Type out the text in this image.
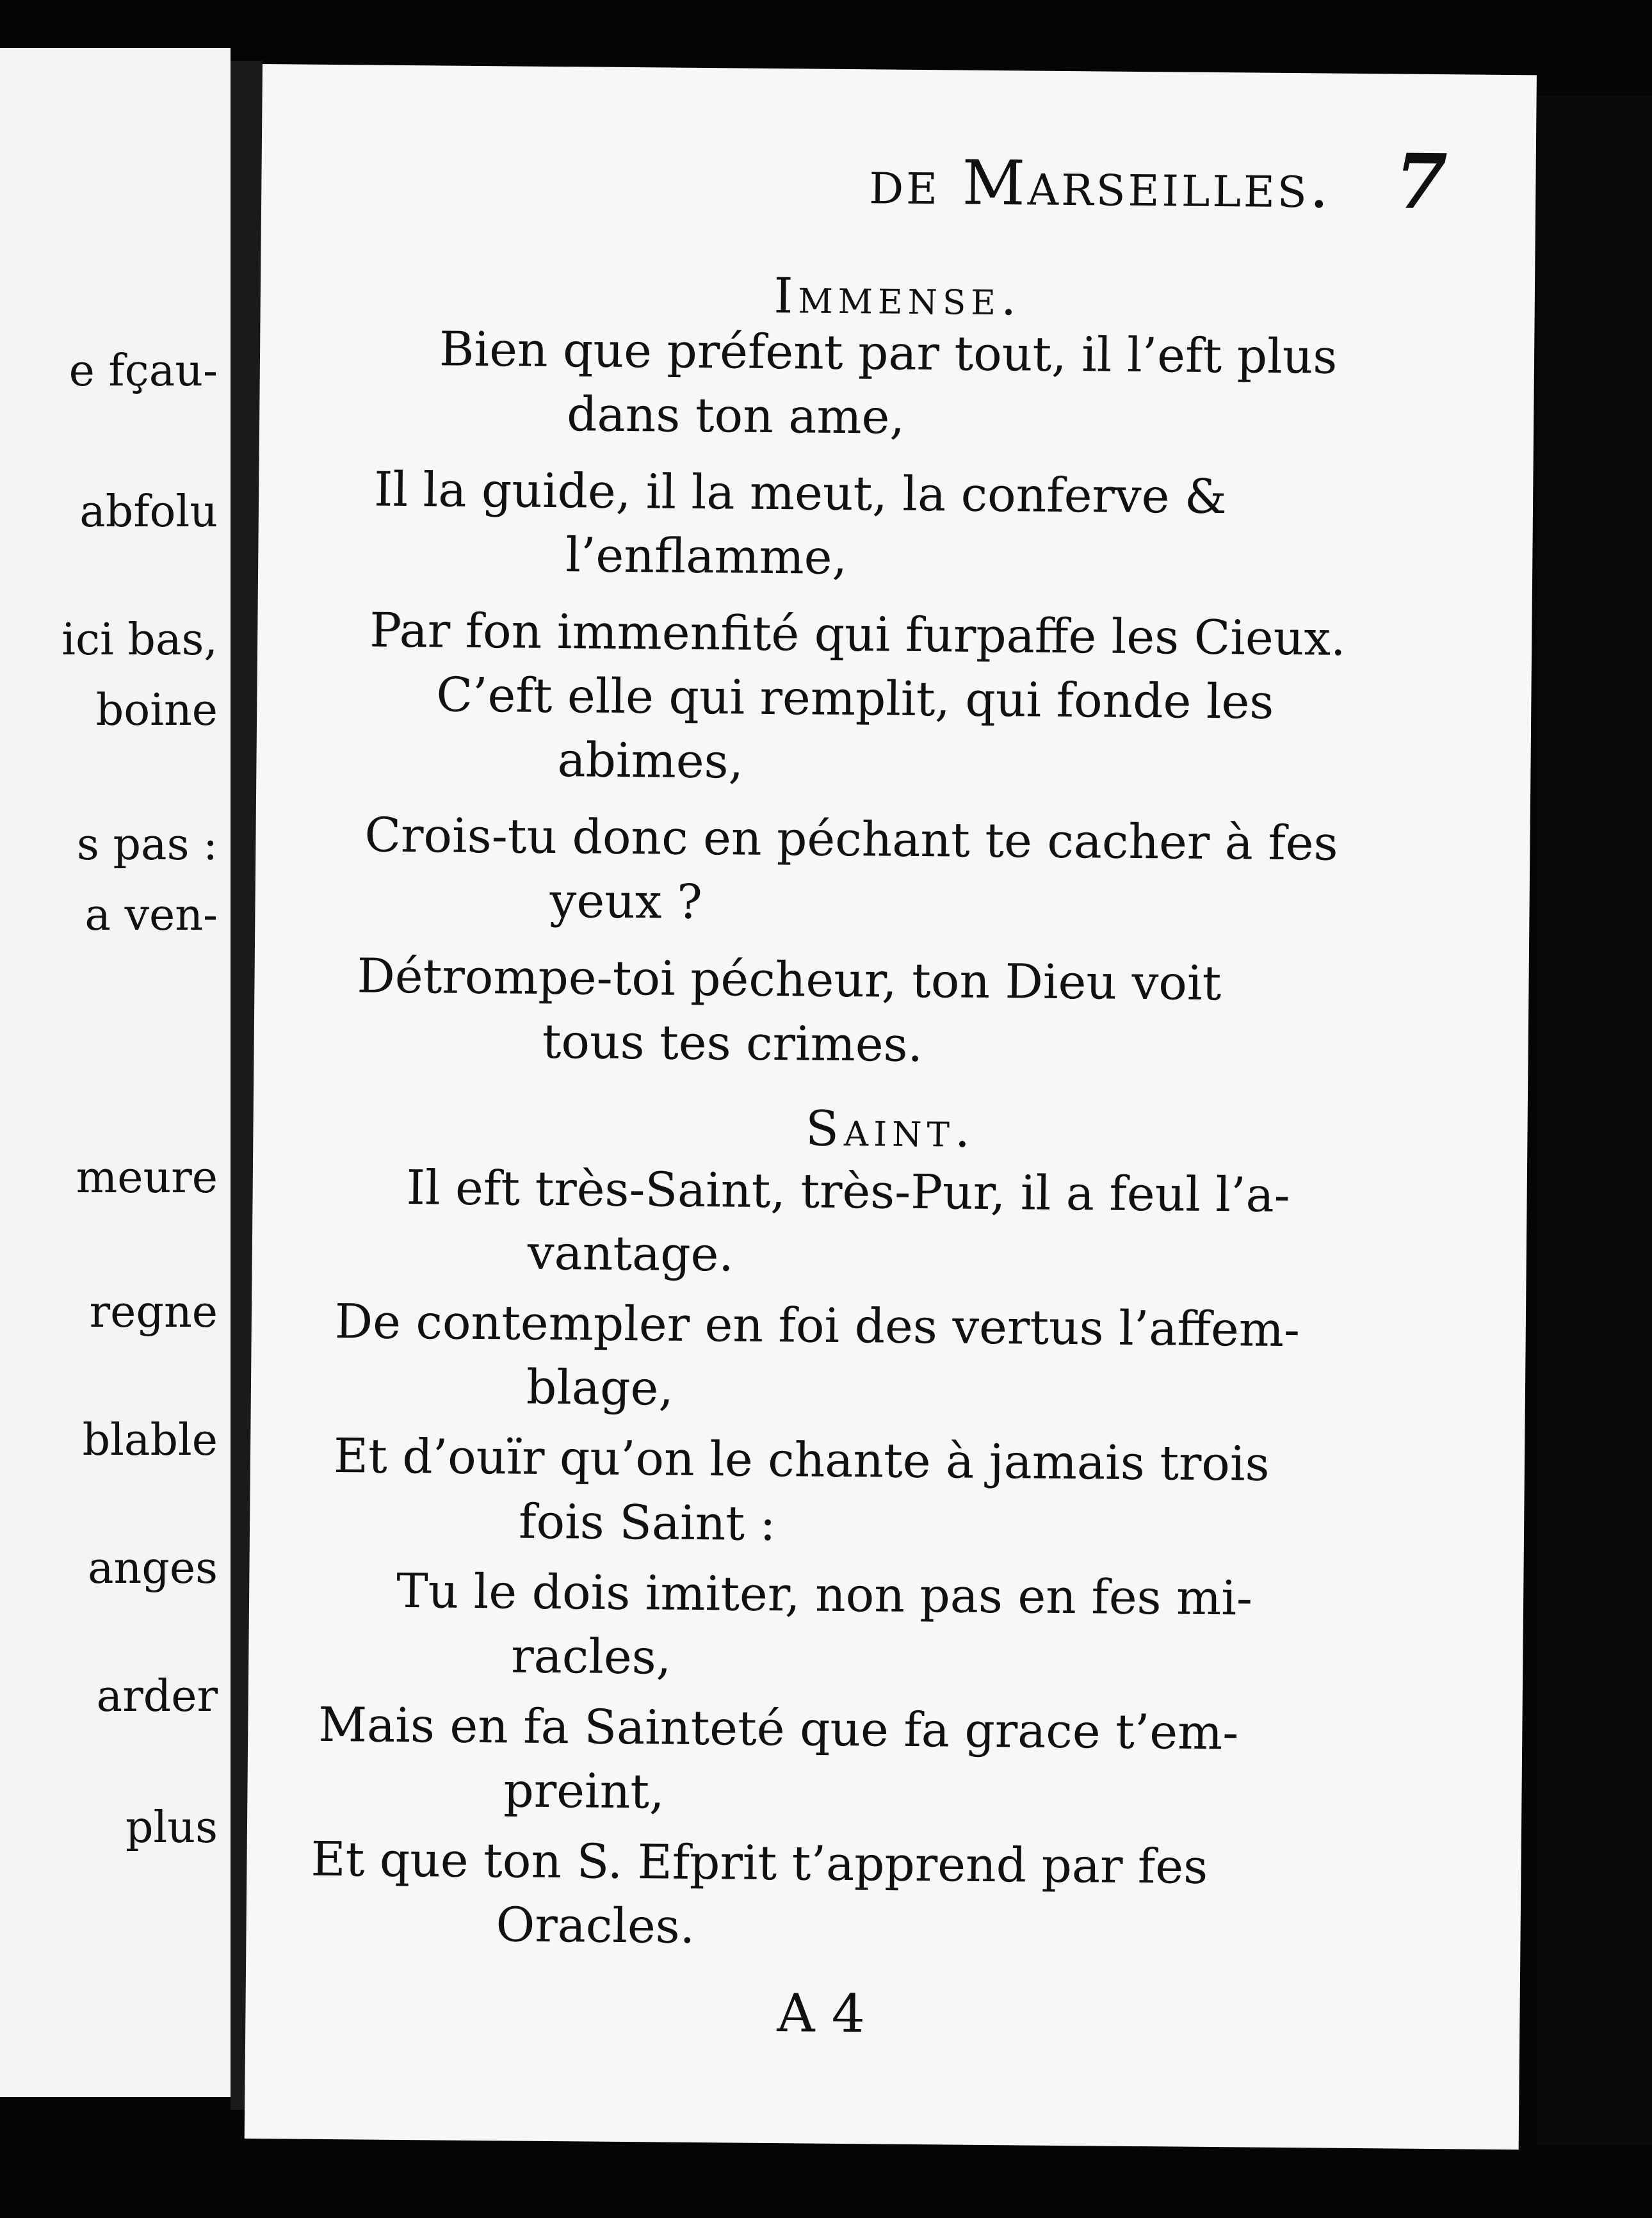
e fçau-
abfolu
ici bas,
boine
s pas :
a ven-
meure
regne
blable
anges
arder
plus
de Marseilles. 7
Immense.
Bien que préfent par tout, il l’eft plus
dans ton ame,
Il la guide, il la meut, la conferve &
l’enflamme,
Par fon immenfité qui furpaffe les Cieux.
C’eft elle qui remplit, qui fonde les
abimes,
Crois-tu donc en péchant te cacher à fes
yeux ?
Détrompe-toi pécheur, ton Dieu voit
tous tes crimes.
Saint.
Il eft très-Saint, très-Pur, il a feul l’a-
vantage.
De contempler en foi des vertus l’affem-
blage,
Et d’ouïr qu’on le chante à jamais trois
fois Saint :
Tu le dois imiter, non pas en fes mi-
racles,
Mais en fa Sainteté que fa grace t’em-
preint,
Et que ton S. Efprit t’apprend par fes
Oracles.
A 4
